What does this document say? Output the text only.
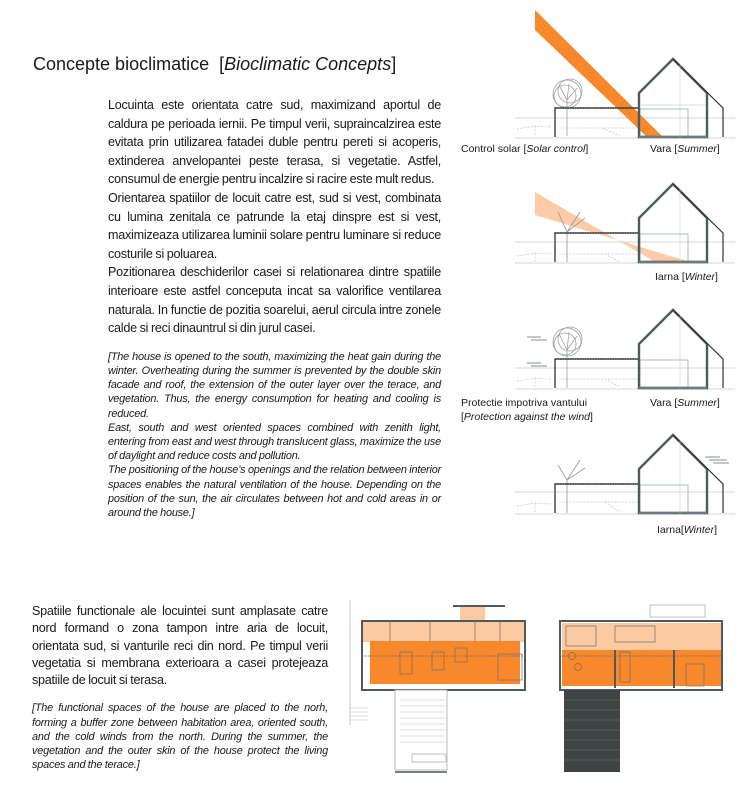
Concepte bioclimatice [Bioclimatic Concepts]

Locuinta este orientata catre sud, maximizand aportul de caldura pe perioada iernii. Pe timpul verii, supraincalzirea este evitata prin utilizarea fatadei duble pentru pereti si acoperis, extinderea anvelopantei peste terasa, si vegetatie. Astfel, consumul de energie pentru incalzire si racire este mult redus.

Orientarea spatiilor de locuit catre est, sud si vest, combinata cu lumina zenitala ce patrunde la etaj dinspre est si vest, maximizeaza utilizarea luminii solare pentru luminare si reduce costurile si poluarea.

Pozitionarea deschiderilor casei si relationarea dintre spatiile interioare este astfel conceputa incat sa valorifice ventilarea naturala. In functie de pozitia soarelui, aerul circula intre zonele calde si reci dinauntrul si din jurul casei.

[The house is opened to the south, maximizing the heat gain during the winter. Overheating during the summer is prevented by the double skin facade and roof, the extension of the outer layer over the terace, and vegetation. Thus, the energy consumption for heating and cooling is reduced.

East, south and west oriented spaces combined with zenith light, entering from east and west through translucent glass, maximize the use of daylight and reduce costs and pollution.

The positioning of the house’s openings and the relation between interior spaces enables the natural ventilation of the house. Depending on the position of the sun, the air circulates between hot and cold areas in or around the house.]

Control solar [Solar control]	Vara [Summer]
Iarna [Winter]
Protectie impotriva vantului
[Protection against the wind]
Vara [Summer]
Iarna[Winter]

Spatiile functionale ale locuintei sunt amplasate catre nord formand o zona tampon intre aria de locuit, orientata sud, si vanturile reci din nord. Pe timpul verii vegetatia si membrana exterioara a casei protejeaza spatiile de locuit si terasa.

[The functional spaces of the house are placed to the norh, forming a buffer zone between habitation area, oriented south, and the cold winds from the north. During the summer, the vegetation and the outer skin of the house protect the living spaces and the terace.]
